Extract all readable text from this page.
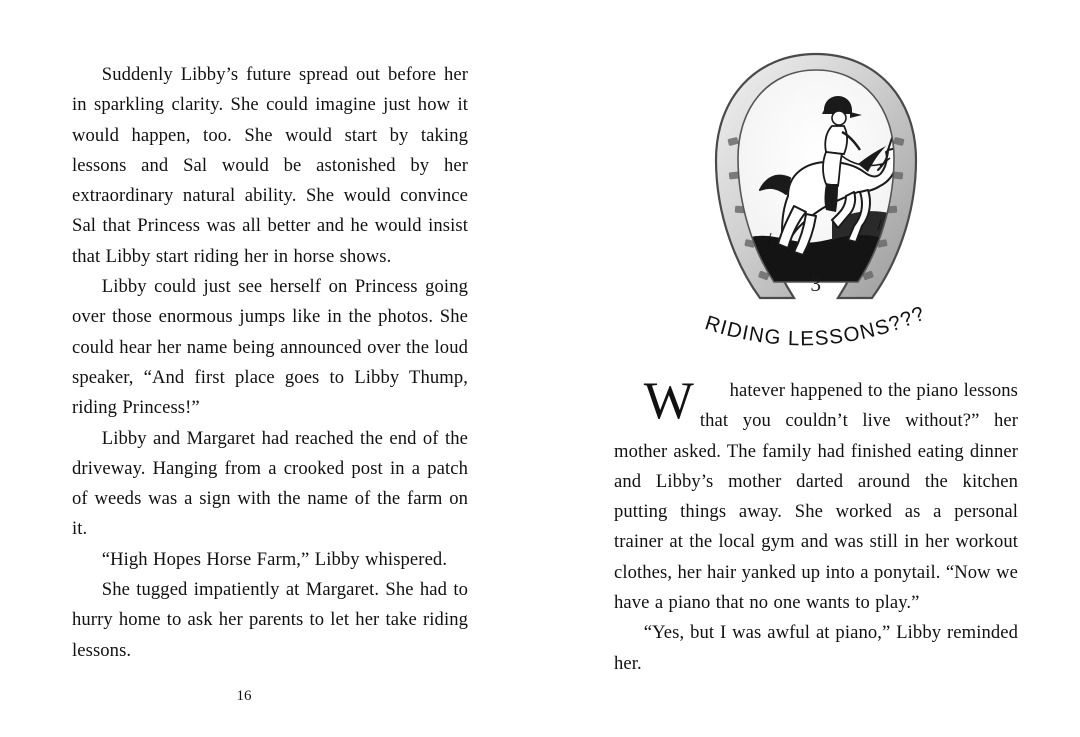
Suddenly Libby’s future spread out before her in sparkling clarity. She could imagine just how it would happen, too. She would start by taking lessons and Sal would be astonished by her extraordinary natural ability. She would convince Sal that Princess was all better and he would insist that Libby start riding her in horse shows.

Libby could just see herself on Princess going over those enormous jumps like in the photos. She could hear her name being announced over the loud speaker, “And first place goes to Libby Thump, riding Princess!”

Libby and Margaret had reached the end of the driveway. Hanging from a crooked post in a patch of weeds was a sign with the name of the farm on it.

“High Hopes Horse Farm,” Libby whispered.

She tugged impatiently at Margaret. She had to hurry home to ask her parents to let her take riding lessons.

16
3
RIDING LESSONS???

W hatever happened to the piano lessons that you couldn’t live without?” her mother asked. The family had finished eating dinner and Libby’s mother darted around the kitchen putting things away. She worked as a personal trainer at the local gym and was still in her workout clothes, her hair yanked up into a ponytail. “Now we have a piano that no one wants to play.”

“Yes, but I was awful at piano,” Libby reminded her.
